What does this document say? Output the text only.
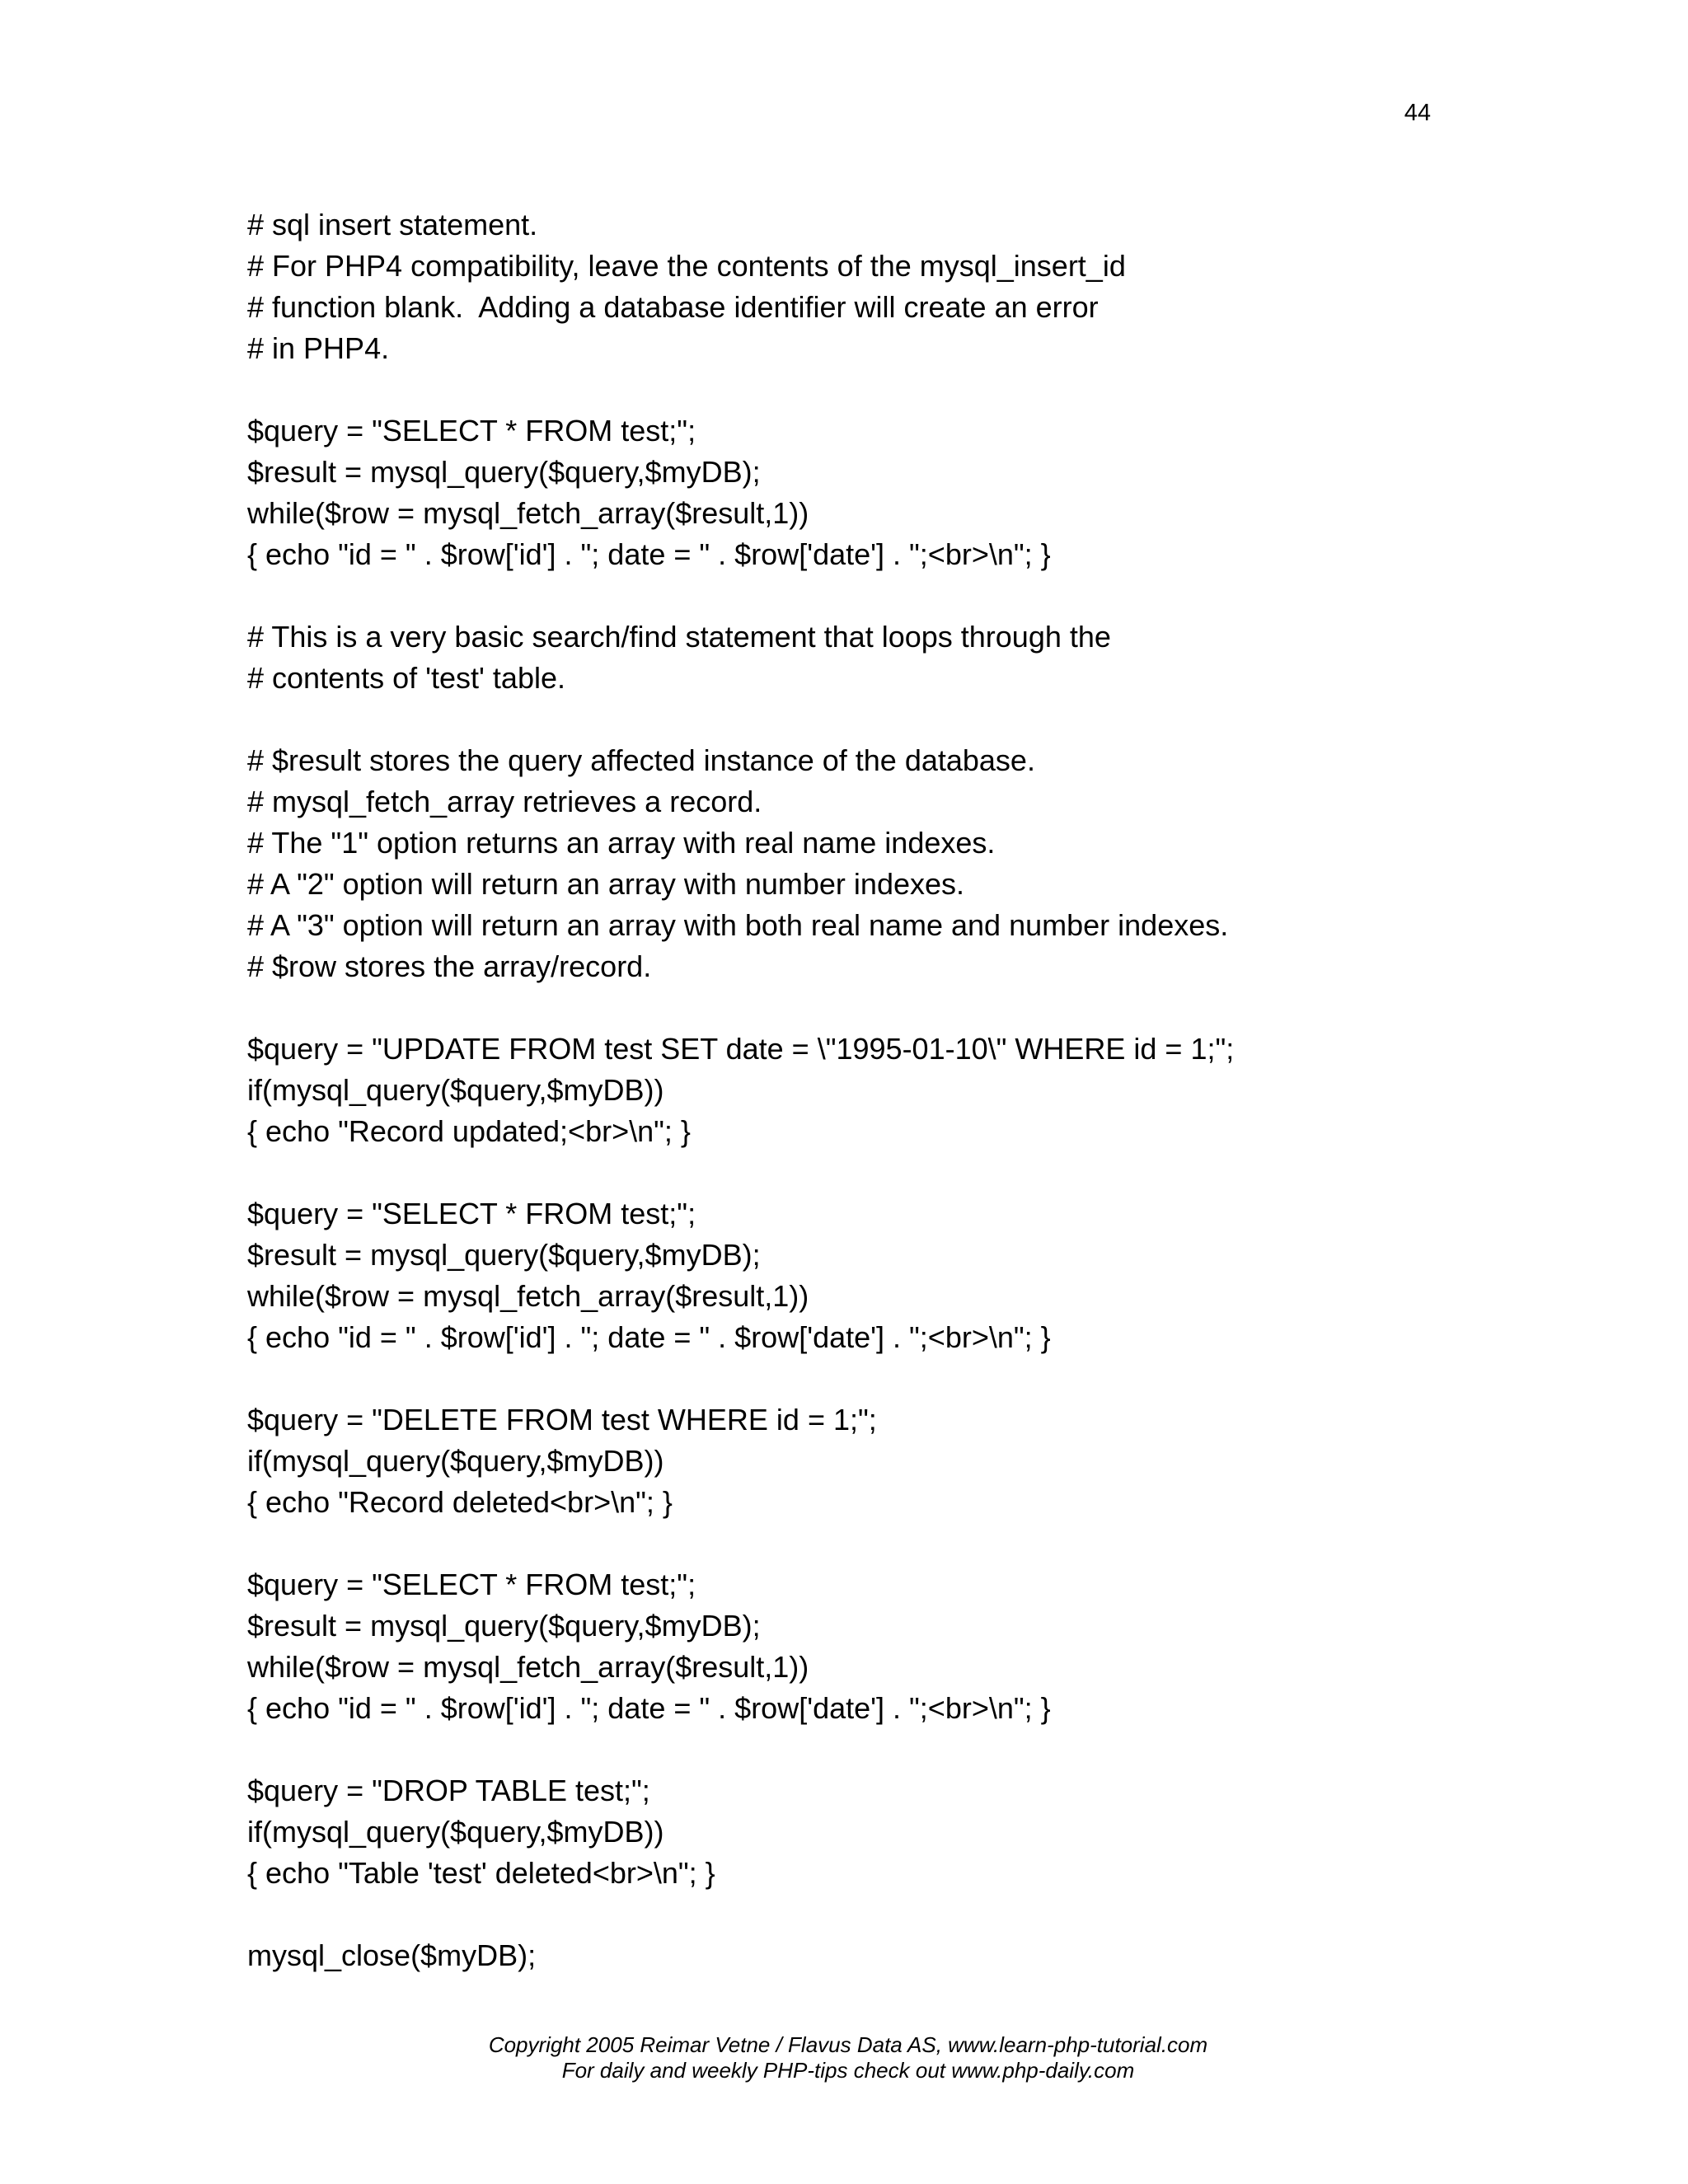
44
# sql insert statement.
# For PHP4 compatibility, leave the contents of the mysql_insert_id
# function blank.  Adding a database identifier will create an error
# in PHP4.
$query = "SELECT * FROM test;";
$result = mysql_query($query,$myDB);
while($row = mysql_fetch_array($result,1))
{ echo "id = " . $row['id'] . "; date = " . $row['date'] . ";<br>\n"; }
# This is a very basic search/find statement that loops through the
# contents of 'test' table.
# $result stores the query affected instance of the database.
# mysql_fetch_array retrieves a record.
# The "1" option returns an array with real name indexes.
# A "2" option will return an array with number indexes.
# A "3" option will return an array with both real name and number indexes.
# $row stores the array/record.
$query = "UPDATE FROM test SET date = \"1995-01-10\" WHERE id = 1;";
if(mysql_query($query,$myDB))
{ echo "Record updated;<br>\n"; }
$query = "SELECT * FROM test;";
$result = mysql_query($query,$myDB);
while($row = mysql_fetch_array($result,1))
{ echo "id = " . $row['id'] . "; date = " . $row['date'] . ";<br>\n"; }
$query = "DELETE FROM test WHERE id = 1;";
if(mysql_query($query,$myDB))
{ echo "Record deleted<br>\n"; }
$query = "SELECT * FROM test;";
$result = mysql_query($query,$myDB);
while($row = mysql_fetch_array($result,1))
{ echo "id = " . $row['id'] . "; date = " . $row['date'] . ";<br>\n"; }
$query = "DROP TABLE test;";
if(mysql_query($query,$myDB))
{ echo "Table 'test' deleted<br>\n"; }
mysql_close($myDB);

Copyright 2005 Reimar Vetne / Flavus Data AS, www.learn-php-tutorial.com

For daily and weekly PHP-tips check out www.php-daily.com
